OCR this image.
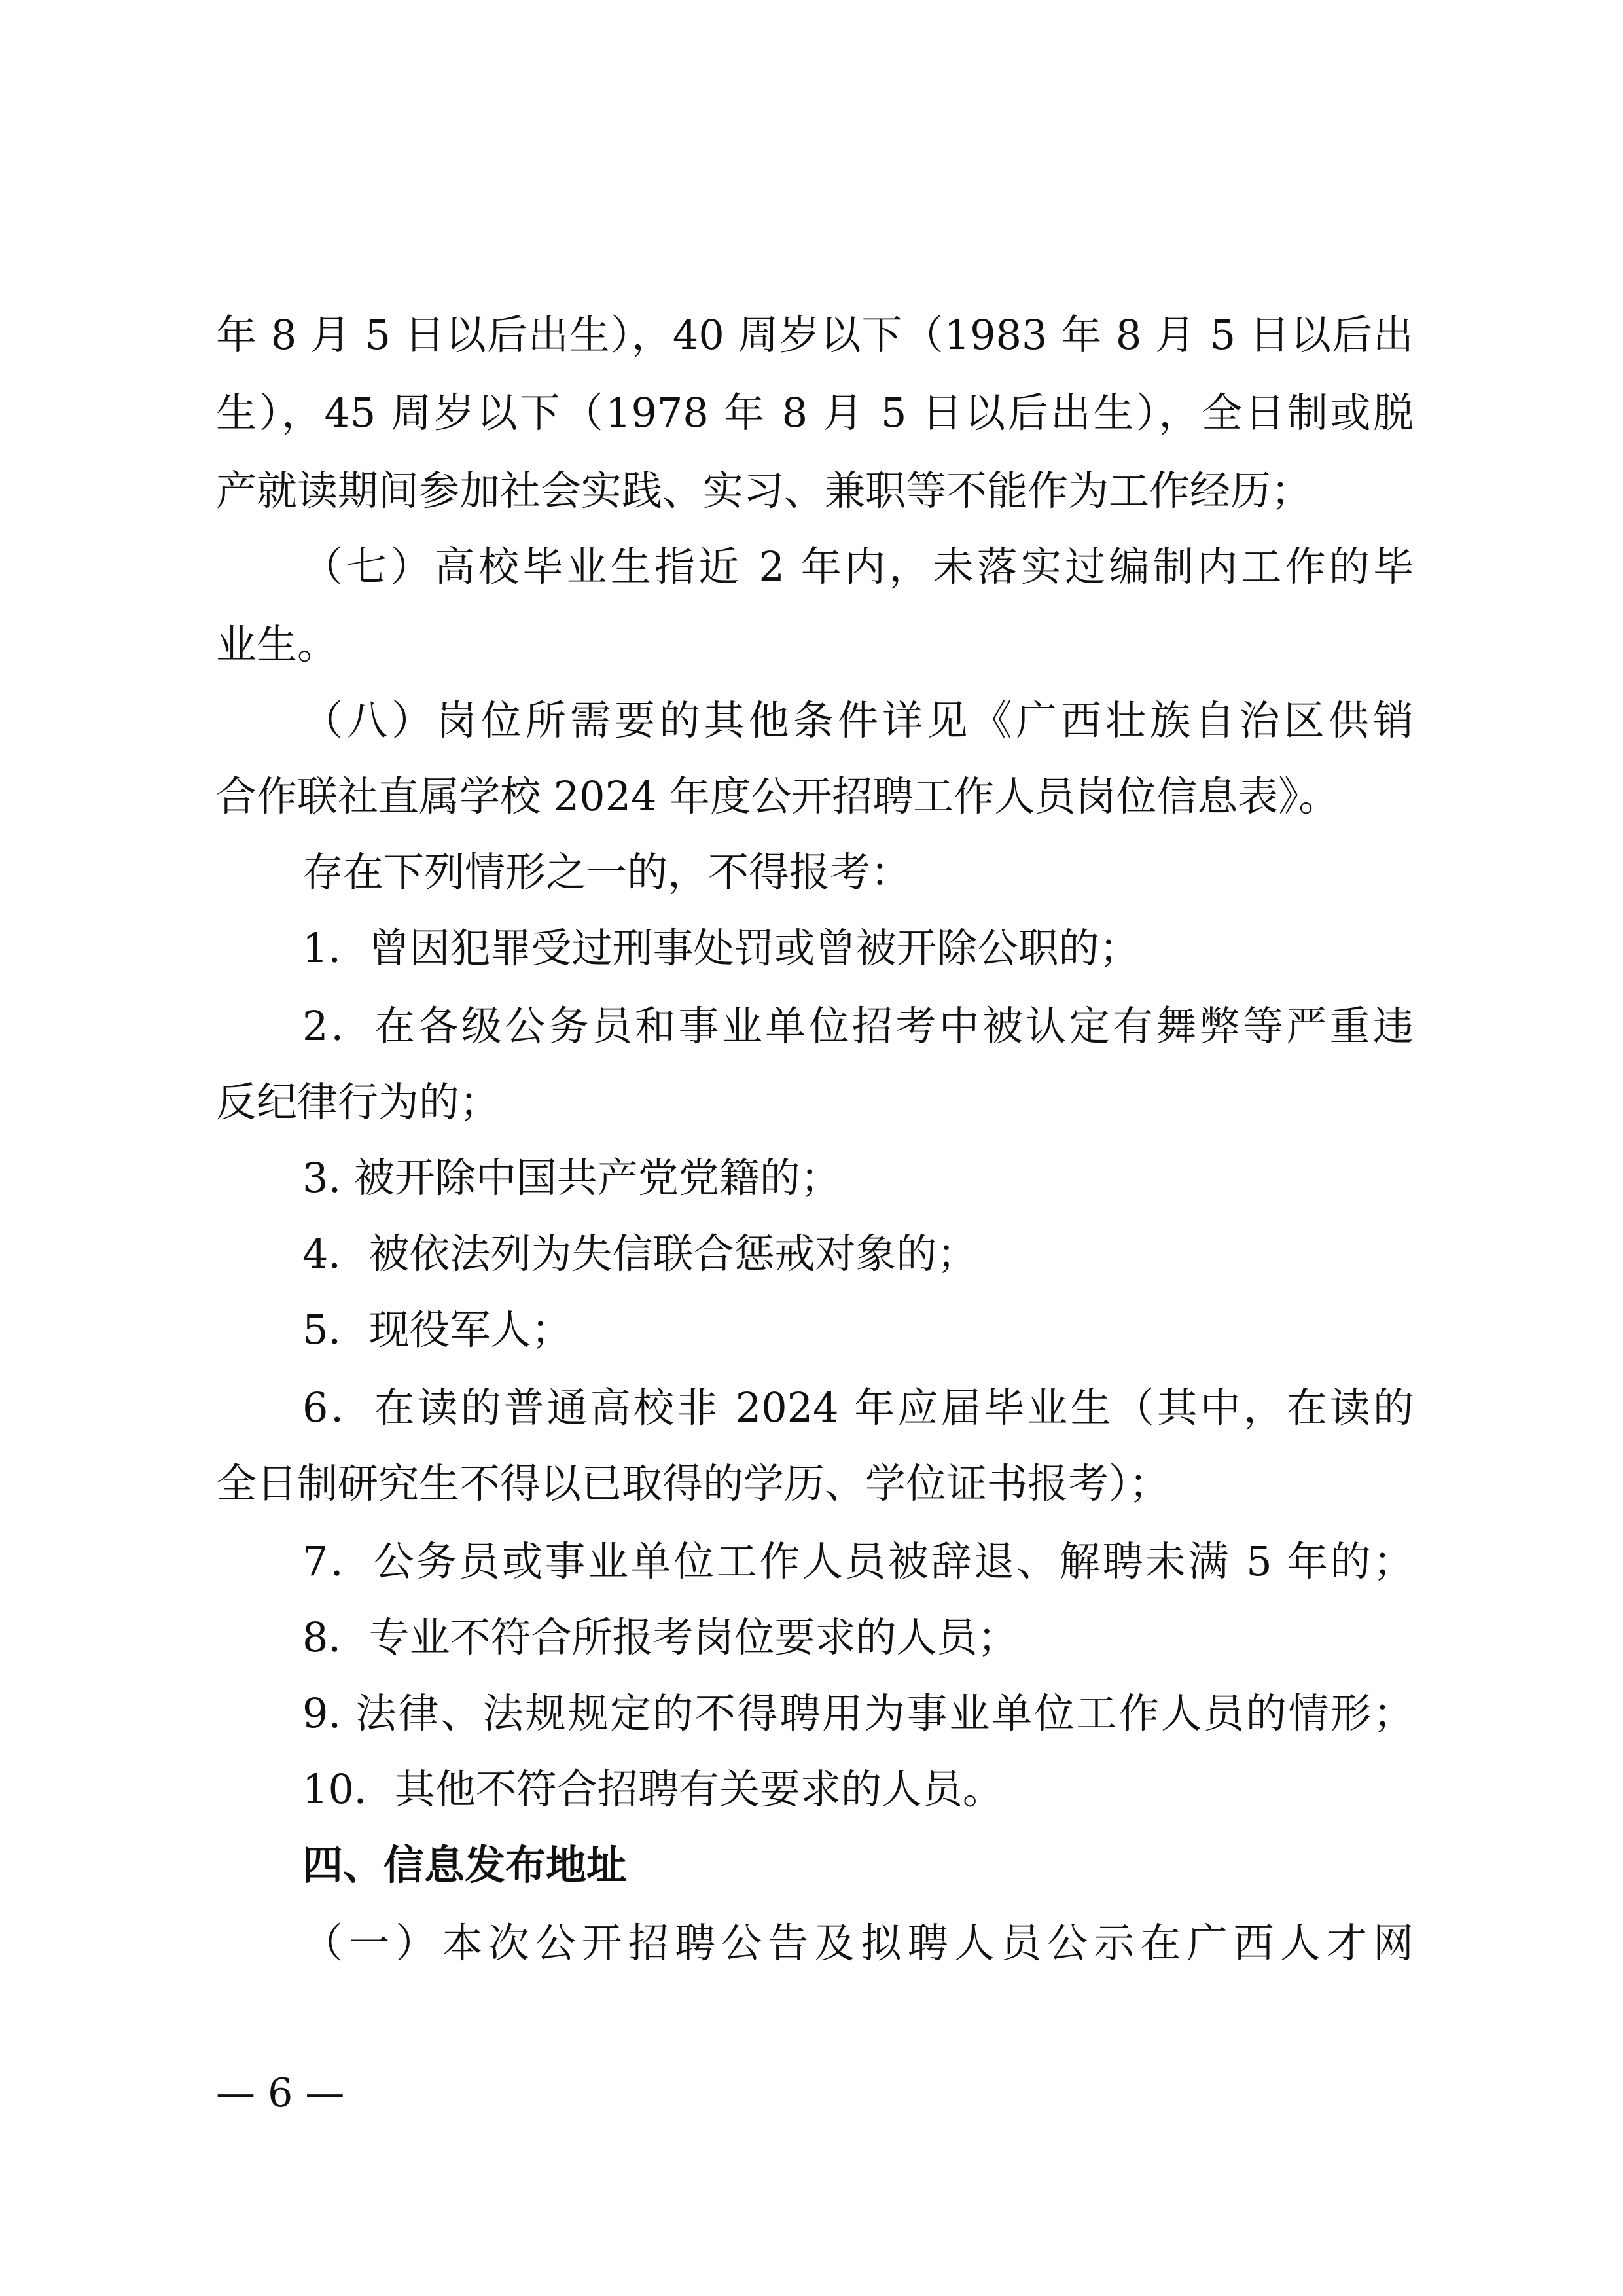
年 8 月 5 日以后出生），40 周岁以下（1983 年 8 月 5 日以后出
生），45 周岁以下（1978 年 8 月 5 日以后出生），全日制或脱
产就读期间参加社会实践、实习、兼职等不能作为工作经历；
（七）高校毕业生指近 2 年内，未落实过编制内工作的毕
业生。
（八）岗位所需要的其他条件详见《广西壮族自治区供销
合作联社直属学校 2024 年度公开招聘工作人员岗位信息表》。
存在下列情形之一的，不得报考：
1．曾因犯罪受过刑事处罚或曾被开除公职的；
2．在各级公务员和事业单位招考中被认定有舞弊等严重违
反纪律行为的；
3. 被开除中国共产党党籍的；
4．被依法列为失信联合惩戒对象的；
5．现役军人；
6．在读的普通高校非 2024 年应届毕业生（其中，在读的
全日制研究生不得以已取得的学历、学位证书报考）；
7．公务员或事业单位工作人员被辞退、解聘未满 5 年的；
8．专业不符合所报考岗位要求的人员；
9. 法律、法规规定的不得聘用为事业单位工作人员的情形；
10．其他不符合招聘有关要求的人员。
四、信息发布地址
（一）本次公开招聘公告及拟聘人员公示在广西人才网
— 6 —
